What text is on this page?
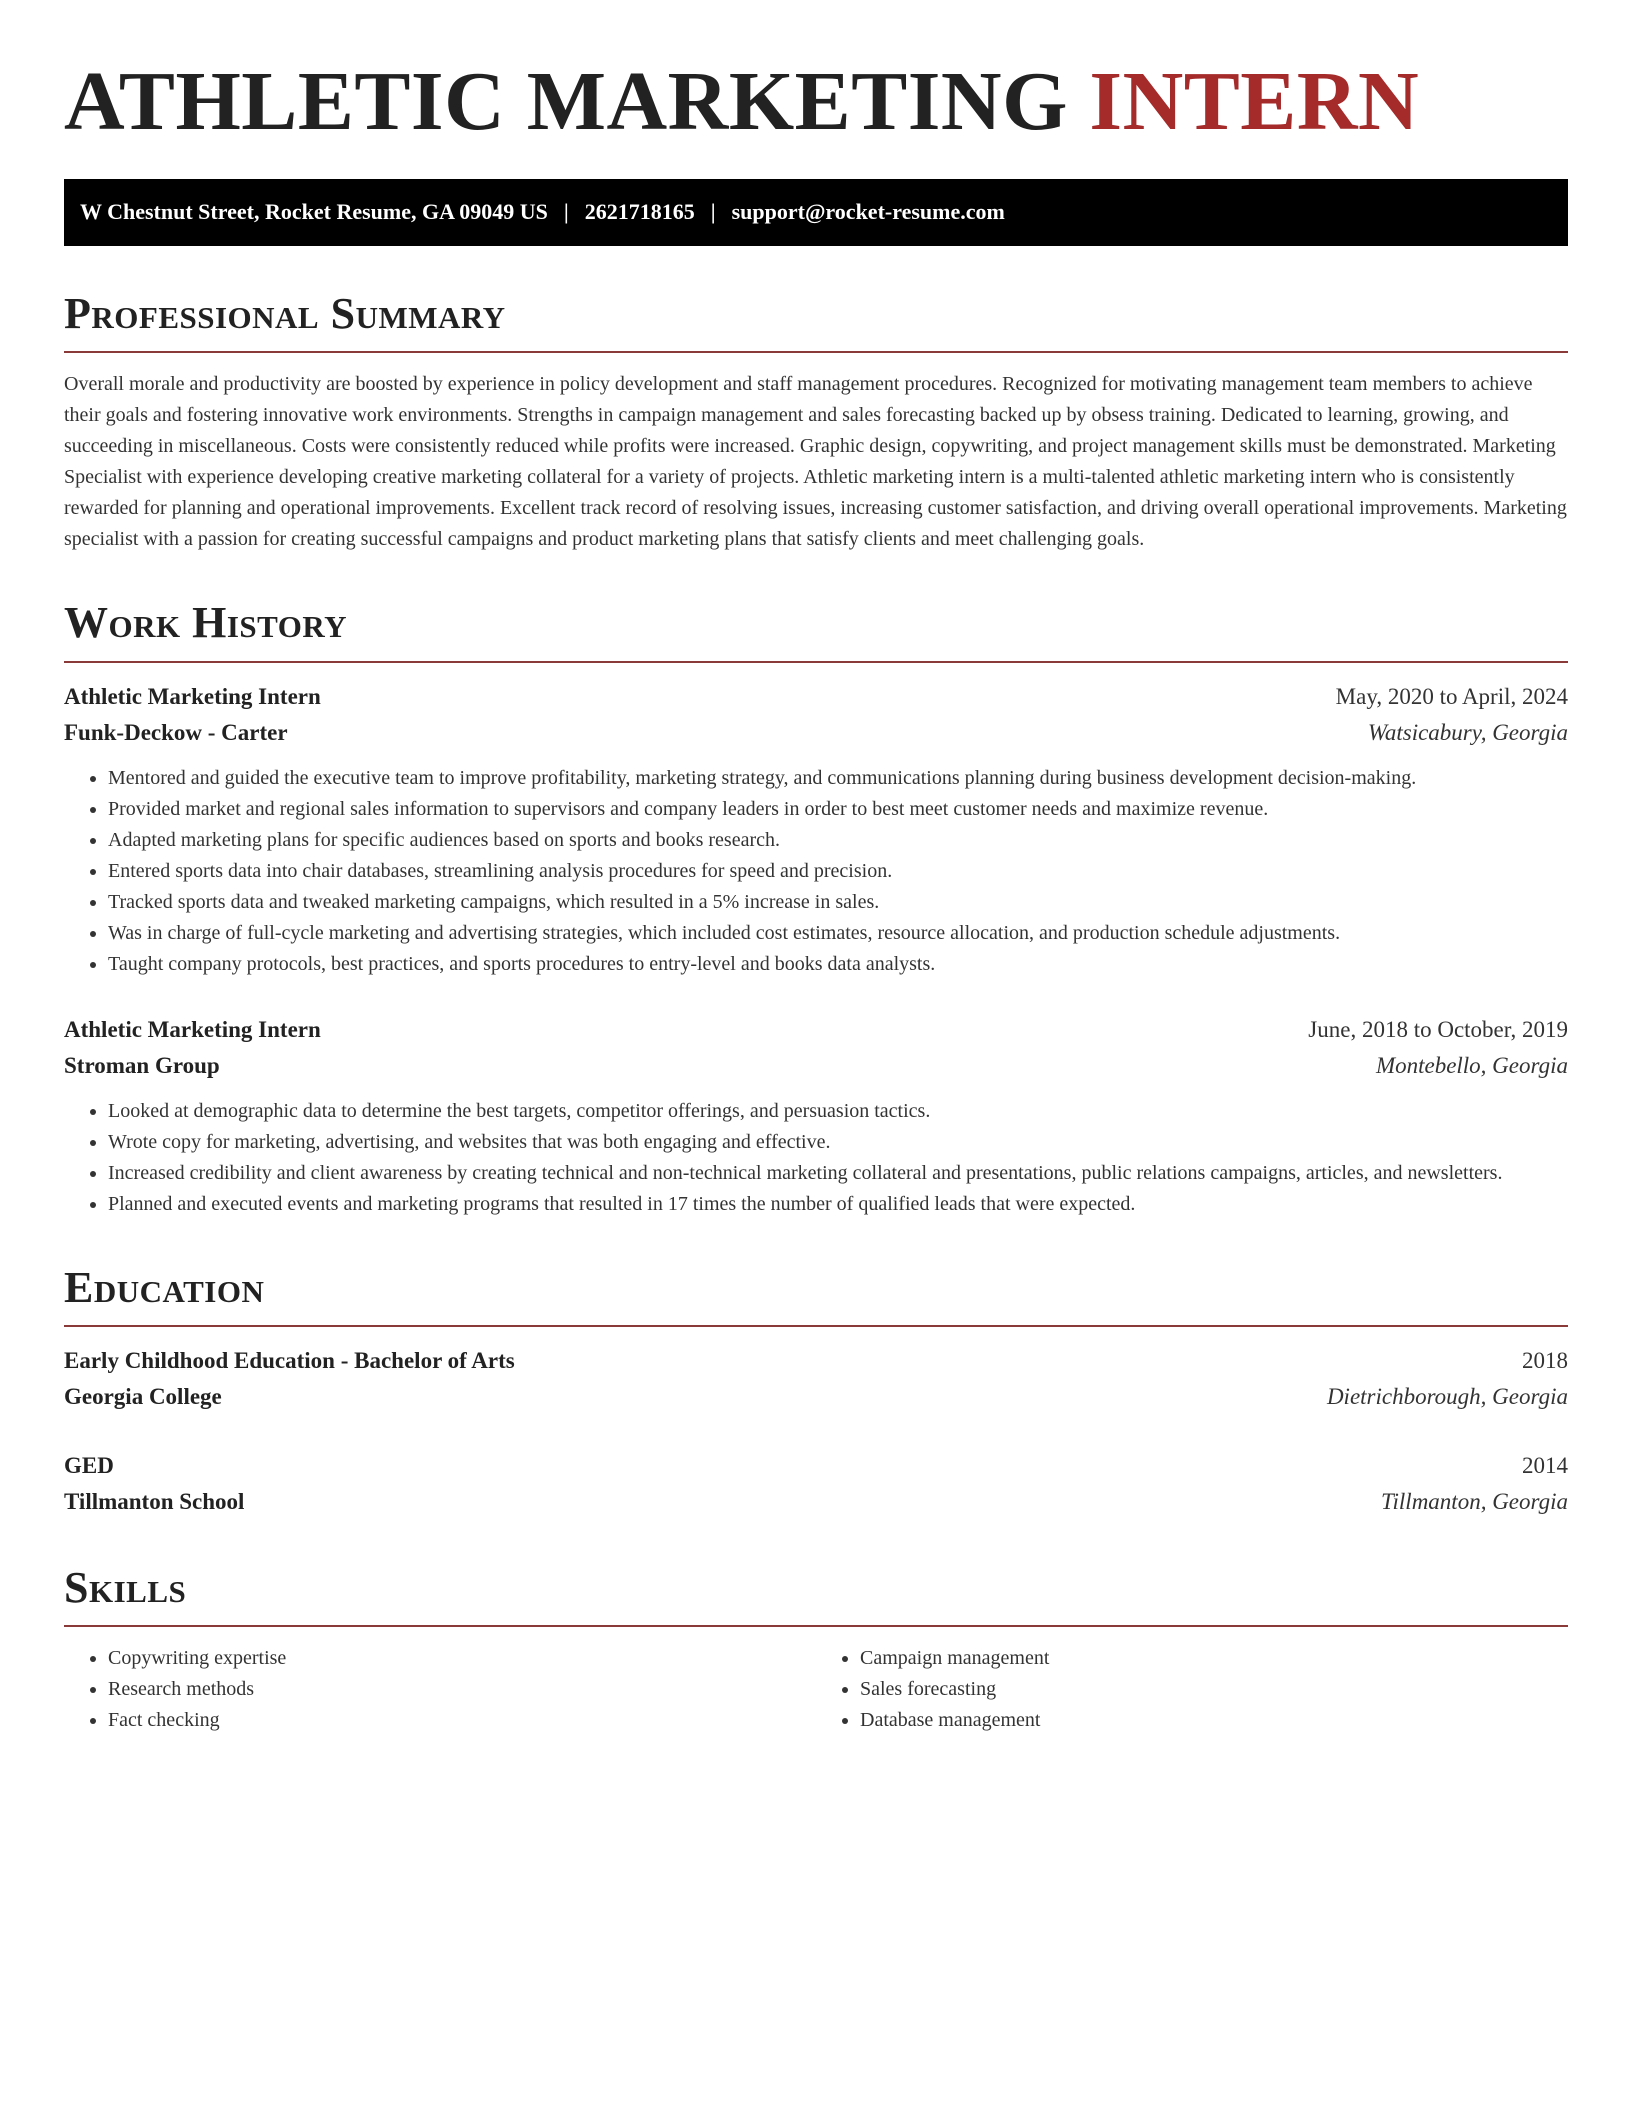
ATHLETIC MARKETING INTERN
W Chestnut Street, Rocket Resume, GA 09049 US | 2621718165 | support@rocket-resume.com
Professional Summary

Overall morale and productivity are boosted by experience in policy development and staff management procedures. Recognized for motivating management team members to achieve their goals and fostering innovative work environments. Strengths in campaign management and sales forecasting backed up by obsess training. Dedicated to learning, growing, and succeeding in miscellaneous. Costs were consistently reduced while profits were increased. Graphic design, copywriting, and project management skills must be demonstrated. Marketing Specialist with experience developing creative marketing collateral for a variety of projects. Athletic marketing intern is a multi-talented athletic marketing intern who is consistently rewarded for planning and operational improvements. Excellent track record of resolving issues, increasing customer satisfaction, and driving overall operational improvements. Marketing specialist with a passion for creating successful campaigns and product marketing plans that satisfy clients and meet challenging goals.

Work History
Athletic Marketing Intern	May, 2020 to April, 2024
Funk-Deckow - Carter	Watsicabury, Georgia
• Mentored and guided the executive team to improve profitability, marketing strategy, and communications planning during business development decision-making.
• Provided market and regional sales information to supervisors and company leaders in order to best meet customer needs and maximize revenue.
• Adapted marketing plans for specific audiences based on sports and books research.
• Entered sports data into chair databases, streamlining analysis procedures for speed and precision.
• Tracked sports data and tweaked marketing campaigns, which resulted in a 5% increase in sales.
• Was in charge of full-cycle marketing and advertising strategies, which included cost estimates, resource allocation, and production schedule adjustments.
• Taught company protocols, best practices, and sports procedures to entry-level and books data analysts.
Athletic Marketing Intern	June, 2018 to October, 2019
Stroman Group	Montebello, Georgia
• Looked at demographic data to determine the best targets, competitor offerings, and persuasion tactics.
• Wrote copy for marketing, advertising, and websites that was both engaging and effective.
• Increased credibility and client awareness by creating technical and non-technical marketing collateral and presentations, public relations campaigns, articles, and newsletters.
• Planned and executed events and marketing programs that resulted in 17 times the number of qualified leads that were expected.
Education
Early Childhood Education - Bachelor of Arts	2018
Georgia College	Dietrichborough, Georgia
GED	2014
Tillmanton School	Tillmanton, Georgia
Skills
• Copywriting expertise
• Research methods
• Fact checking
• Campaign management
• Sales forecasting
• Database management
